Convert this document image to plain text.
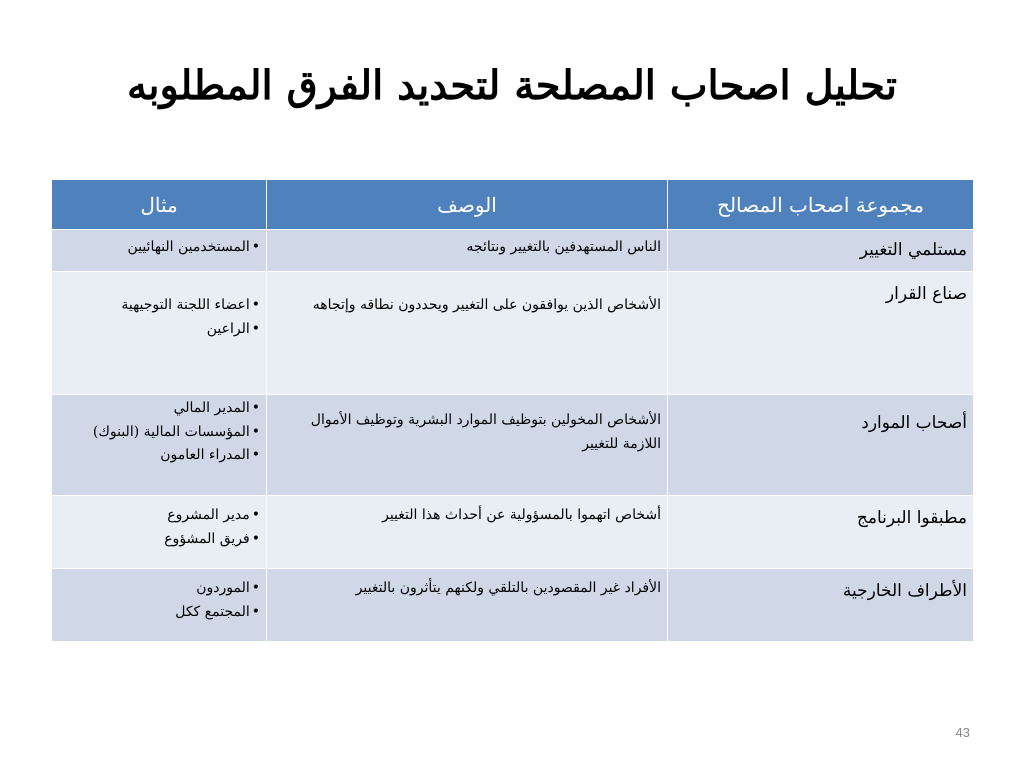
تحليل اصحاب المصلحة لتحديد الفرق المطلوبه
مجموعة اصحاب المصالح	الوصف	مثال
مستلمي التغيير	الناس المستهدفين بالتغيير ونتائجه	•المستخدمين النهائيين

صناع القرار	الأشخاص الذين يوافقون على التغيير ويحددون نطاقه وإتجاهه	•اعضاء اللجنة التوجيهية
•الراعين

أصحاب الموارد	الأشخاص المخولين بتوظيف الموارد البشرية وتوظيف الأموال اللازمة للتغيير	•المدير المالي
•المؤسسات المالية (البنوك)
•المدراء العامون

مطبقوا البرنامج	أشخاص اتهموا بالمسؤولية عن أحداث هذا التغيير	•مدير المشروع
•فريق المشؤوع

الأطراف الخارجية	الأفراد غير المقصودين بالتلقي ولكنهم يتأثرون بالتغيير	•الموردون
•المجتمع ككل
43
